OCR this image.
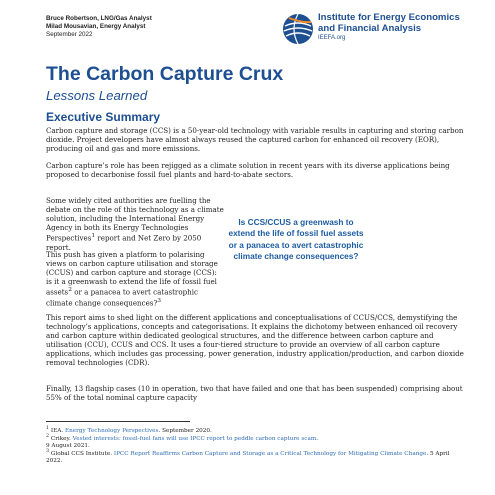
Bruce Robertson, LNG/Gas Analyst
Milad Mousavian, Energy Analyst
September 2022
Institute for Energy Economics
and Financial Analysis
IEEFA.org
The Carbon Capture Crux
Lessons Learned
Executive Summary

Carbon capture and storage (CCS) is a 50-year-old technology with variable results in capturing and storing carbon dioxide. Project developers have almost always reused the captured carbon for enhanced oil recovery (EOR), producing oil and gas and more emissions.

Carbon capture’s role has been rejigged as a climate solution in recent years with its diverse applications being proposed to decarbonise fossil fuel plants and hard-to-abate sectors.

Some widely cited authorities are fuelling the debate on the role of this technology as a climate solution, including the International Energy Agency in both its Energy Technologies Perspectives$^1$ report and Net Zero by 2050 report.

This push has given a platform to polarising views on carbon capture utilisation and storage (CCUS) and carbon capture and storage (CCS): is it a greenwash to extend the life of fossil fuel assets$^2$ or a panacea to avert catastrophic climate change consequences?$^3$

Is CCS/CCUS a greenwash to extend the life of fossil fuel assets or a panacea to avert catastrophic climate change consequences?

This report aims to shed light on the different applications and conceptualisations of CCUS/CCS, demystifying the technology’s applications, concepts and categorisations. It explains the dichotomy between enhanced oil recovery and carbon capture within dedicated geological structures, and the difference between carbon capture and utilisation (CCU), CCUS and CCS. It uses a four-tiered structure to provide an overview of all carbon capture applications, which includes gas processing, power generation, industry application/production, and carbon dioxide removal technologies (CDR).

Finally, 13 flagship cases (10 in operation, two that have failed and one that has been suspended) comprising about 55% of the total nominal capture capacity

$^1$ IEA. Energy Technology Perspectives. September 2020.
$^2$ Crikey. Vested interests: fossil-fuel fans will use IPCC report to peddle carbon capture scam.
9 August 2021.
$^3$ Global CCS Institute. IPCC Report Reaffirms Carbon Capture and Storage as a Critical Technology for Mitigating Climate Change. 5 April 2022.
